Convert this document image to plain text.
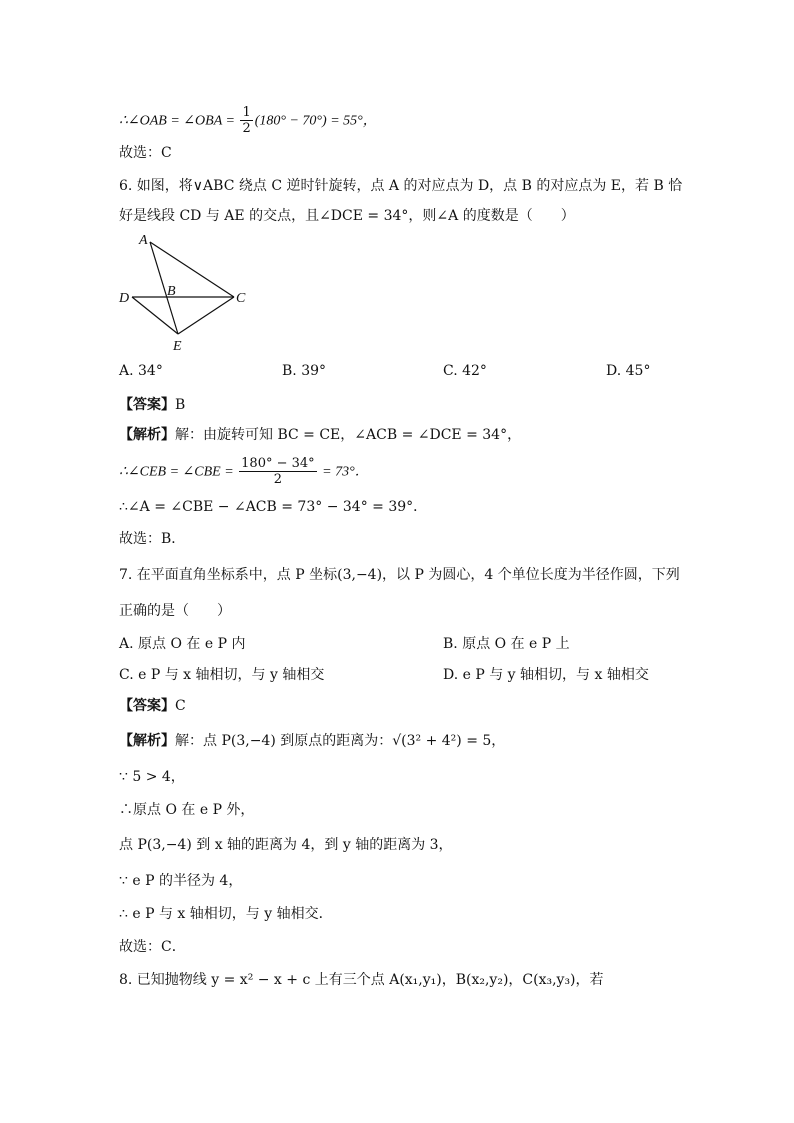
∴∠OAB = ∠OBA = $\frac{1}{2} (180^\circ - 70^\circ) = 55^\circ$，
故选：C
6. 如图，将∨ABC 绕点 C 逆时针旋转，点 A 的对应点为 D，点 B 的对应点为 E，若 B 恰
好是线段 CD 与 AE 的交点，且∠DCE = 34°，则∠A 的度数是（　　）
A
B	C
D
E
A. 34°	B. 39°	C. 42°	D. 45°
【答案】B
【解析】解：由旋转可知 BC = CE，∠ACB = ∠DCE = 34°，
∴∠CEB = ∠CBE = $\frac{180^\circ - 34^\circ}{2} = 73^\circ$．
∴∠A = ∠CBE − ∠ACB = 73° − 34° = 39°．
故选：B．
7. 在平面直角坐标系中，点 P 坐标(3,−4)，以 P 为圆心，4 个单位长度为半径作圆，下列
正确的是（　　）
A. 原点 O 在 e P 内	B. 原点 O 在 e P 上
C. e P 与 x 轴相切，与 y 轴相交	D. e P 与 y 轴相切，与 x 轴相交
【答案】C
【解析】解：点 P(3,−4) 到原点的距离为：√(3² + 4²) = 5，
∵ 5 > 4，
∴原点 O 在 e P 外，
点 P(3,−4) 到 x 轴的距离为 4，到 y 轴的距离为 3，
∵ e P 的半径为 4，
∴ e P 与 x 轴相切，与 y 轴相交．
故选：C．
8. 已知抛物线 y = x² − x + c 上有三个点 A(x₁,y₁)，B(x₂,y₂)，C(x₃,y₃)，若
